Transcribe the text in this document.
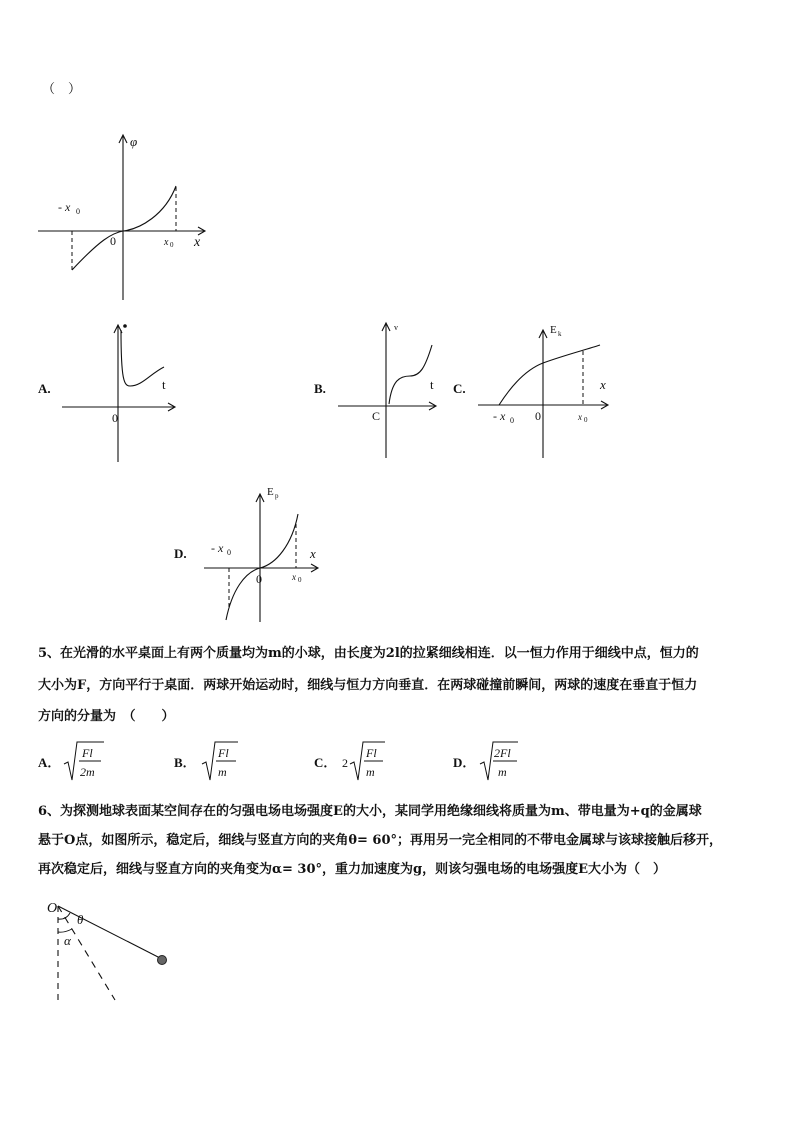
（　）
φ
- x 0
0	x 0 x
A.	t
0
B.	t
C
v
C.
E k
x
- x 0 0	x 0
D.
E p
x
- x 0
0	x 0
5、在光滑的水平桌面上有两个质量均为m的小球，由长度为2l的拉紧细线相连．以一恒力作用于细线中点，恒力的
大小为F，方向平行于桌面．两球开始运动时，细线与恒力方向垂直．在两球碰撞前瞬间，两球的速度在垂直于恒力
方向的分量为　（　　）
A．
Fl
2m
B．
Fl
m
C． 2
Fl
m
D．
2Fl
m
6、为探测地球表面某空间存在的匀强电场电场强度E的大小，某同学用绝缘细线将质量为m、带电量为+q的金属球
悬于O点，如图所示，稳定后，细线与竖直方向的夹角θ= 60°；再用另一完全相同的不带电金属球与该球接触后移开，
再次稳定后，细线与竖直方向的夹角变为α= 30°，重力加速度为g，则该匀强电场的电场强度E大小为（　）
O
θ
α
